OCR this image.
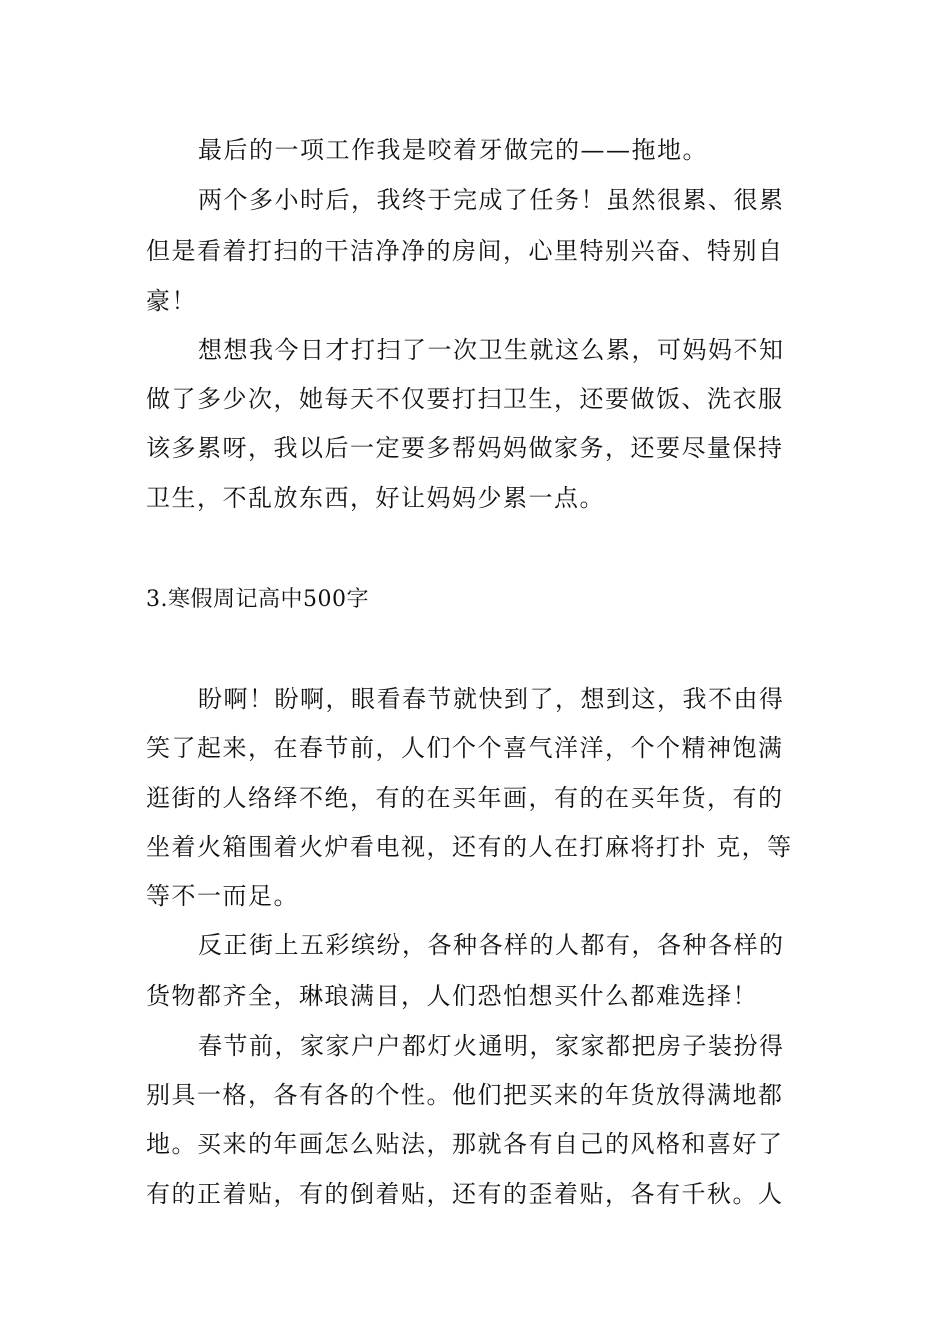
最后的一项工作我是咬着牙做完的——拖地。
两个多小时后，我终于完成了任务！虽然很累、很累
但是看着打扫的干洁净净的房间，心里特别兴奋、特别自
豪！
想想我今日才打扫了一次卫生就这么累，可妈妈不知
做了多少次，她每天不仅要打扫卫生，还要做饭、洗衣服
该多累呀，我以后一定要多帮妈妈做家务，还要尽量保持
卫生，不乱放东西，好让妈妈少累一点。
3.寒假周记高中500字
盼啊！盼啊，眼看春节就快到了，想到这，我不由得
笑了起来，在春节前，人们个个喜气洋洋，个个精神饱满
逛街的人络绎不绝，有的在买年画，有的在买年货，有的
坐着火箱围着火炉看电视，还有的人在打麻将打扑 克，等
等不一而足。
反正街上五彩缤纷，各种各样的人都有，各种各样的
货物都齐全，琳琅满目，人们恐怕想买什么都难选择！
春节前，家家户户都灯火通明，家家都把房子装扮得
别具一格，各有各的个性。他们把买来的年货放得满地都
地。买来的年画怎么贴法，那就各有自己的风格和喜好了
有的正着贴，有的倒着贴，还有的歪着贴，各有千秋。人
